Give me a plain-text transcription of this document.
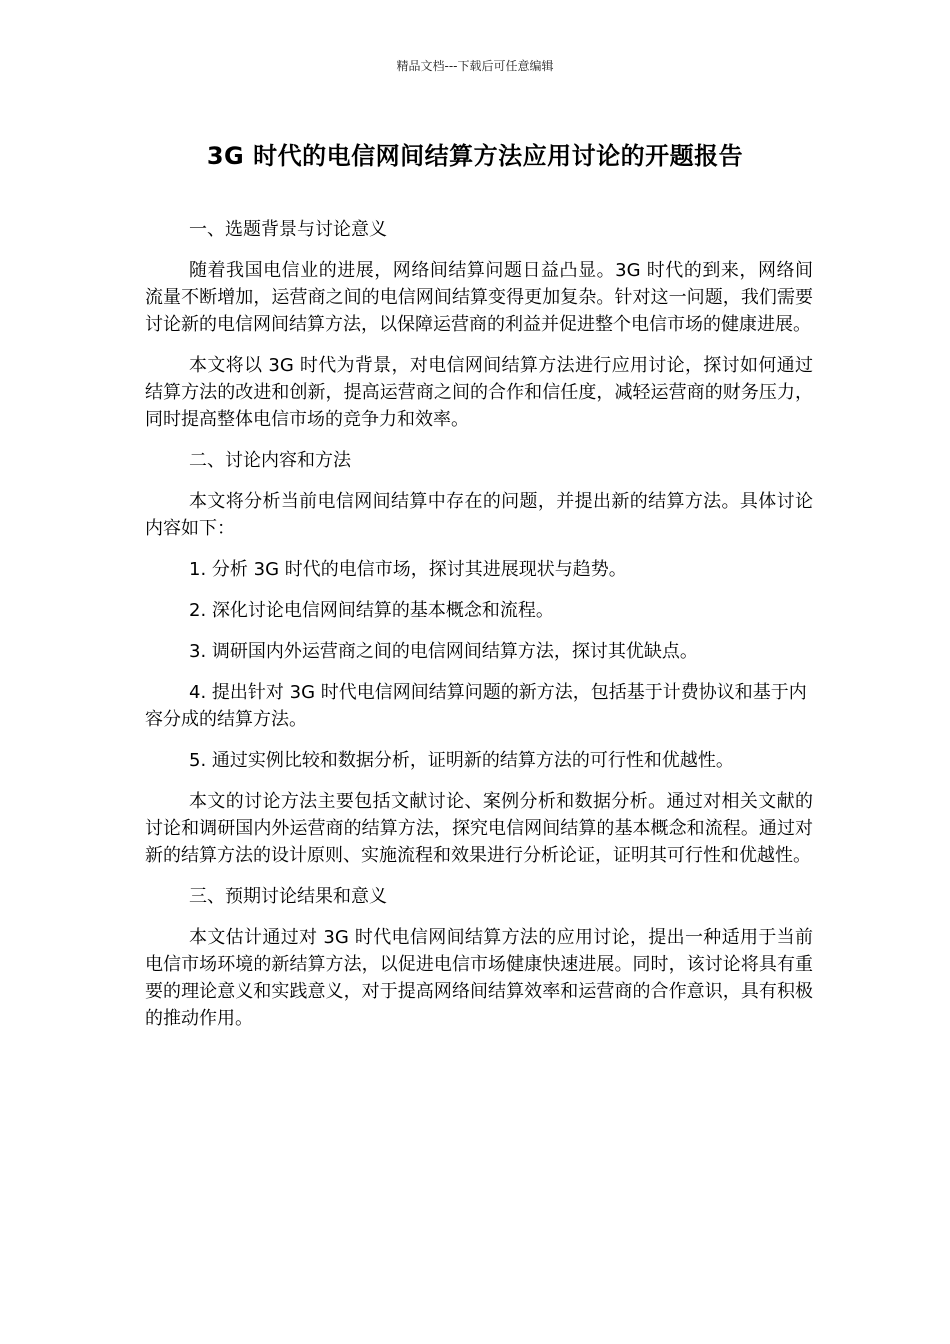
精品文档---下载后可任意编辑
3G 时代的电信网间结算方法应用讨论的开题报告

一、选题背景与讨论意义

随着我国电信业的进展，网络间结算问题日益凸显。3G 时代的到来，网络间流量不断增加，运营商之间的电信网间结算变得更加复杂。针对这一问题，我们需要讨论新的电信网间结算方法，以保障运营商的利益并促进整个电信市场的健康进展。

本文将以 3G 时代为背景，对电信网间结算方法进行应用讨论，探讨如何通过结算方法的改进和创新，提高运营商之间的合作和信任度，减轻运营商的财务压力，同时提高整体电信市场的竞争力和效率。

二、讨论内容和方法

本文将分析当前电信网间结算中存在的问题，并提出新的结算方法。具体讨论内容如下：

1. 分析 3G 时代的电信市场，探讨其进展现状与趋势。

2. 深化讨论电信网间结算的基本概念和流程。

3. 调研国内外运营商之间的电信网间结算方法，探讨其优缺点。

4. 提出针对 3G 时代电信网间结算问题的新方法，包括基于计费协议和基于内容分成的结算方法。

5. 通过实例比较和数据分析，证明新的结算方法的可行性和优越性。

本文的讨论方法主要包括文献讨论、案例分析和数据分析。通过对相关文献的讨论和调研国内外运营商的结算方法，探究电信网间结算的基本概念和流程。通过对新的结算方法的设计原则、实施流程和效果进行分析论证，证明其可行性和优越性。

三、预期讨论结果和意义

本文估计通过对 3G 时代电信网间结算方法的应用讨论，提出一种适用于当前电信市场环境的新结算方法，以促进电信市场健康快速进展。同时，该讨论将具有重要的理论意义和实践意义，对于提高网络间结算效率和运营商的合作意识，具有积极的推动作用。
